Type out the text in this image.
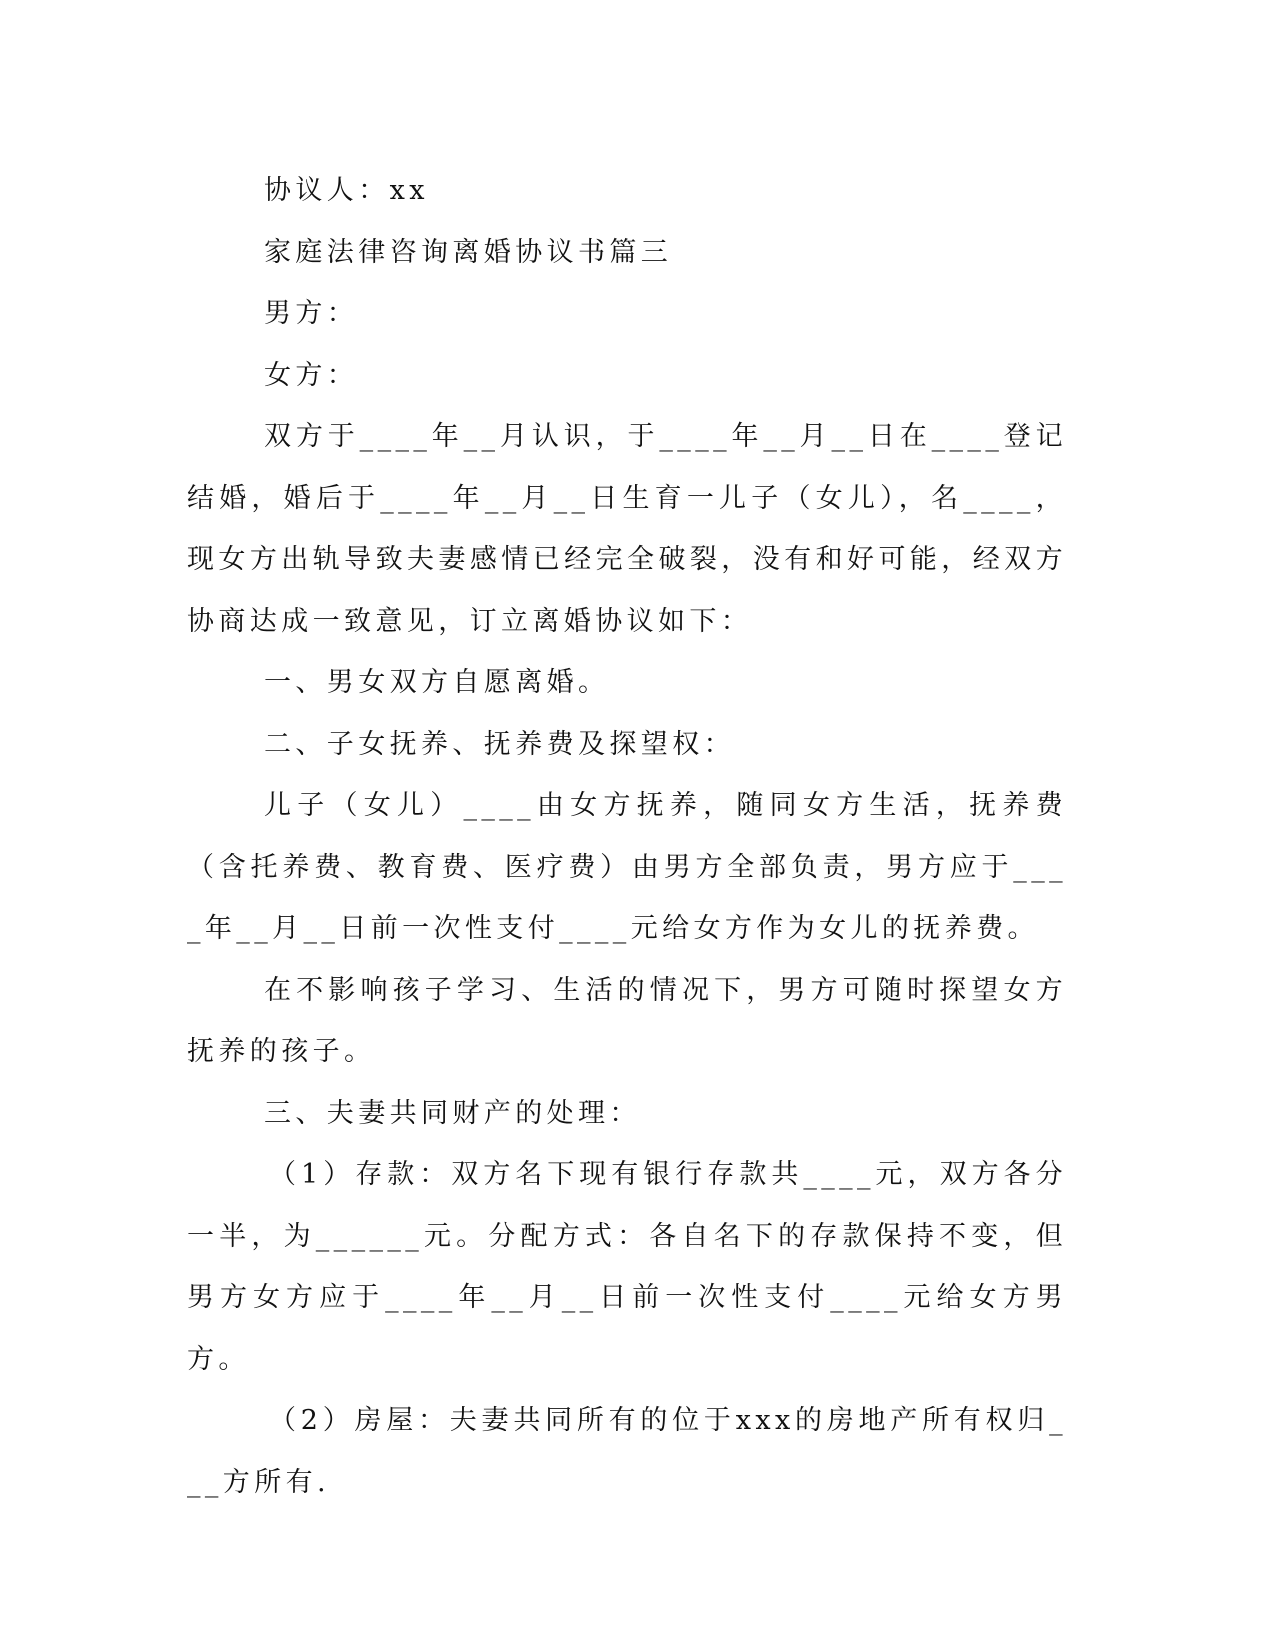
协议人：xx

家庭法律咨询离婚协议书篇三

男方：

女方：

双方于____年__月认识，于____年__月__日在____登记结婚，婚后于____年__月__日生育一儿子（女儿），名____，现女方出轨导致夫妻感情已经完全破裂，没有和好可能，经双方协商达成一致意见，订立离婚协议如下：

一、男女双方自愿离婚。

二、子女抚养、抚养费及探望权：

儿子（女儿）____由女方抚养，随同女方生活，抚养费（含托养费、教育费、医疗费）由男方全部负责，男方应于____年__月__日前一次性支付____元给女方作为女儿的抚养费。

在不影响孩子学习、生活的情况下，男方可随时探望女方抚养的孩子。

三、夫妻共同财产的处理：

（1）存款：双方名下现有银行存款共____元，双方各分一半，为______元。分配方式：各自名下的存款保持不变，但男方女方应于____年__月__日前一次性支付____元给女方男方。

（2）房屋：夫妻共同所有的位于xxx的房地产所有权归___方所有.
